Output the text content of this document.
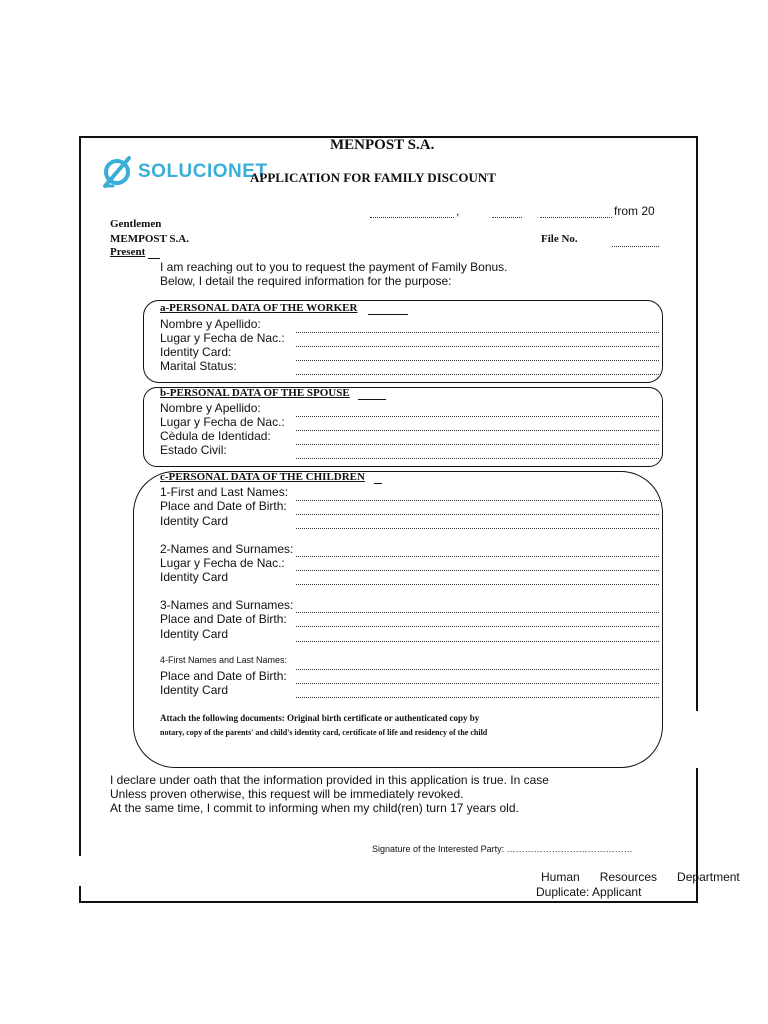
MENPOST S.A.
SOLUCIONET
APPLICATION FOR FAMILY DISCOUNT
,	from 20
Gentlemen
MEMPOST S.A.
Present
File No.
I am reaching out to you to request the payment of Family Bonus.
Below, I detail the required information for the purpose:
a-PERSONAL DATA OF THE WORKER
Nombre y Apellido:
Lugar y Fecha de Nac.:
Identity Card:
Marital Status:
b-PERSONAL DATA OF THE SPOUSE
Nombre y Apellido:
Lugar y Fecha de Nac.:
Cèdula de Identidad:
Estado Civil:
c-PERSONAL DATA OF THE CHILDREN
1-First and Last Names:
Place and Date of Birth:
Identity Card
2-Names and Surnames:
Lugar y Fecha de Nac.:
Identity Card
3-Names and Surnames:
Place and Date of Birth:
Identity Card
4-First Names and Last Names:
Place and Date of Birth:
Identity Card
Attach the following documents: Original birth certificate or authenticated copy by
notary, copy of the parents' and child's identity card, certificate of life and residency of the child
I declare under oath that the information provided in this application is true. In case
Unless proven otherwise, this request will be immediately revoked.
At the same time, I commit to informing when my child(ren) turn 17 years old.
Signature of the Interested Party: ……………………………………
Human      Resources      Department
Duplicate: Applicant
